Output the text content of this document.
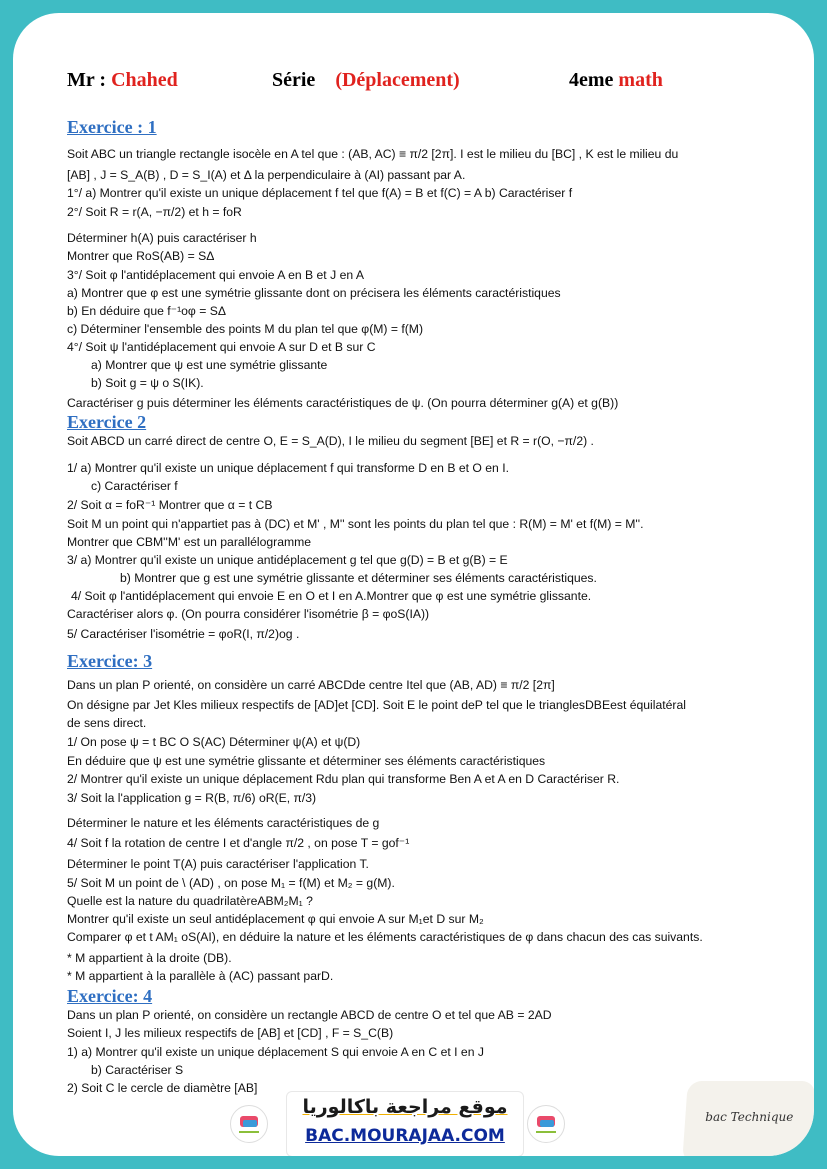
Mr : Chahed	Série (Déplacement)	4eme math
Exercice : 1
Soit ABC un triangle rectangle isocèle en A tel que : (AB, AC) ≡ π/2 [2π]. I est le milieu du [BC] , K est le milieu du
[AB] , J = S_A(B) , D = S_I(A) et Δ la perpendiculaire à (AI) passant par A.
1°/ a) Montrer qu'il existe un unique déplacement f tel que f(A) = B et f(C) = A b) Caractériser f
2°/ Soit R = r(A, −π/2) et h = foR
Déterminer h(A) puis caractériser h
Montrer que RoS(AB) = SΔ
3°/ Soit φ l'antidéplacement qui envoie A en B et J en A
a) Montrer que φ est une symétrie glissante dont on précisera les éléments caractéristiques
b) En déduire que f⁻¹oφ = SΔ
c) Déterminer l'ensemble des points M du plan tel que φ(M) = f(M)
4°/ Soit ψ l'antidéplacement qui envoie A sur D et B sur C
a) Montrer que ψ est une symétrie glissante
b) Soit g = ψ o S(IK).
Caractériser g puis déterminer les éléments caractéristiques de ψ. (On pourra déterminer g(A) et g(B))
Exercice 2
Soit ABCD un carré direct de centre O, E = S_A(D), I le milieu du segment [BE] et R = r(O, −π/2) .
1/ a) Montrer qu'il existe un unique déplacement f qui transforme D en B et O en I.
c) Caractériser f
2/ Soit α = foR⁻¹ Montrer que α = t CB
Soit M un point qui n'appartiet pas à (DC) et M' , M'' sont les points du plan tel que : R(M) = M' et f(M) = M''.
Montrer que CBM''M' est un parallélogramme
3/ a) Montrer qu'il existe un unique antidéplacement g tel que g(D) = B et g(B) = E
b) Montrer que g est une symétrie glissante et déterminer ses éléments caractéristiques.
4/ Soit φ l'antidéplacement qui envoie E en O et I en A.Montrer que φ est une symétrie glissante.
Caractériser alors φ. (On pourra considérer l'isométrie β = φoS(IA))
5/ Caractériser l'isométrie = φoR(I, π/2)og .
Exercice: 3
Dans un plan P orienté, on considère un carré ABCDde centre Itel que (AB, AD) ≡ π/2 [2π]
On désigne par Jet Kles milieux respectifs de [AD]et [CD]. Soit E le point deP tel que le trianglesDBEest équilatéral
de sens direct.
1/ On pose ψ = t BC O S(AC) Déterminer ψ(A) et ψ(D)
En déduire que ψ est une symétrie glissante et déterminer ses éléments caractéristiques
2/ Montrer qu'il existe un unique déplacement Rdu plan qui transforme Ben A et A en D Caractériser R.
3/ Soit la l'application g = R(B, π/6) oR(E, π/3)
Déterminer le nature et les éléments caractéristiques de g
4/ Soit f la rotation de centre I et d'angle π/2 , on pose T = gof⁻¹
Déterminer le point T(A) puis caractériser l'application T.
5/ Soit M un point de \ (AD) , on pose M₁ = f(M) et M₂ = g(M).
Quelle est la nature du quadrilatèreABM₂M₁ ?
Montrer qu'il existe un seul antidéplacement φ qui envoie A sur M₁et D sur M₂
Comparer φ et t AM₁ oS(AI), en déduire la nature et les éléments caractéristiques de φ dans chacun des cas suivants.
* M appartient à la droite (DB).
* M appartient à la parallèle à (AC) passant parD.
Exercice: 4
Dans un plan P orienté, on considère un rectangle ABCD de centre O et tel que AB = 2AD
Soient I, J les milieux respectifs de [AB] et [CD] , F = S_C(B)
1) a) Montrer qu'il existe un unique déplacement S qui envoie A en C et I en J
b) Caractériser S
2) Soit C le cercle de diamètre [AB]
موقع مراجعة باكالوريا
BAC.MOURAJAA.COM
bac Technique
